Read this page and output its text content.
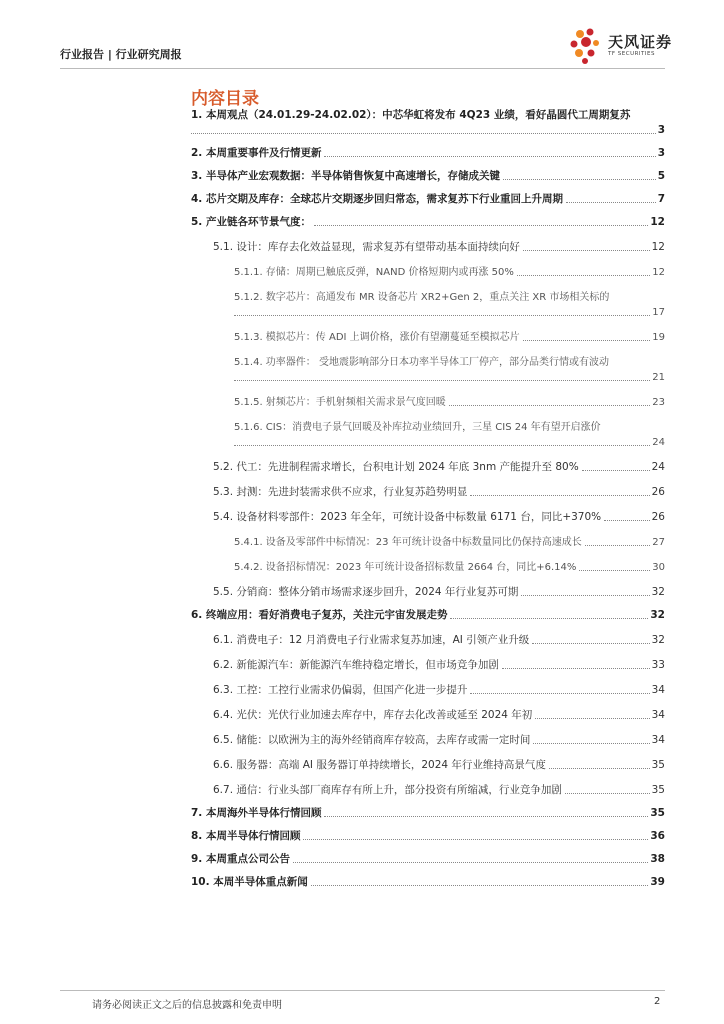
行业报告 | 行业研究周报
天风证券
TF SECURITIES
内容目录
1. 本周观点（24.01.29-24.02.02）：中芯华虹将发布 4Q23 业绩，看好晶圆代工周期复苏
3
2. 本周重要事件及行情更新	3
3. 半导体产业宏观数据：半导体销售恢复中高速增长，存储成关键	5
4. 芯片交期及库存：全球芯片交期逐步回归常态，需求复苏下行业重回上升周期	7
5. 产业链各环节景气度：	12
5.1. 设计：库存去化效益显现，需求复苏有望带动基本面持续向好	12
5.1.1. 存储：周期已触底反弹，NAND 价格短期内或再涨 50%	12
5.1.2. 数字芯片：高通发布 MR 设备芯片 XR2+Gen 2，重点关注 XR 市场相关标的
17
5.1.3. 模拟芯片：传 ADI 上调价格，涨价有望潮蔓延至模拟芯片	19
5.1.4. 功率器件： 受地震影响部分日本功率半导体工厂停产，部分品类行情或有波动
21
5.1.5. 射频芯片：手机射频相关需求景气度回暖	23
5.1.6. CIS：消费电子景气回暖及补库拉动业绩回升，三星 CIS 24 年有望开启涨价
24
5.2. 代工：先进制程需求增长，台积电计划 2024 年底 3nm 产能提升至 80%	24
5.3. 封测：先进封装需求供不应求，行业复苏趋势明显	26
5.4. 设备材料零部件：2023 年全年，可统计设备中标数量 6171 台，同比+370%	26
5.4.1. 设备及零部件中标情况：23 年可统计设备中标数量同比仍保持高速成长	27
5.4.2. 设备招标情况：2023 年可统计设备招标数量 2664 台，同比+6.14%	30
5.5. 分销商：整体分销市场需求逐步回升，2024 年行业复苏可期	32
6. 终端应用：看好消费电子复苏，关注元宇宙发展走势	32
6.1. 消费电子：12 月消费电子行业需求复苏加速，AI 引领产业升级	32
6.2. 新能源汽车：新能源汽车维持稳定增长，但市场竞争加剧	33
6.3. 工控：工控行业需求仍偏弱，但国产化进一步提升	34
6.4. 光伏：光伏行业加速去库存中，库存去化改善或延至 2024 年初	34
6.5. 储能：以欧洲为主的海外经销商库存较高，去库存或需一定时间	34
6.6. 服务器：高端 AI 服务器订单持续增长，2024 年行业维持高景气度	35
6.7. 通信：行业头部厂商库存有所上升，部分投资有所缩减，行业竞争加剧	35
7. 本周海外半导体行情回顾	35
8. 本周半导体行情回顾	36
9. 本周重点公司公告	38
10. 本周半导体重点新闻	39
请务必阅读正文之后的信息披露和免责申明	2
